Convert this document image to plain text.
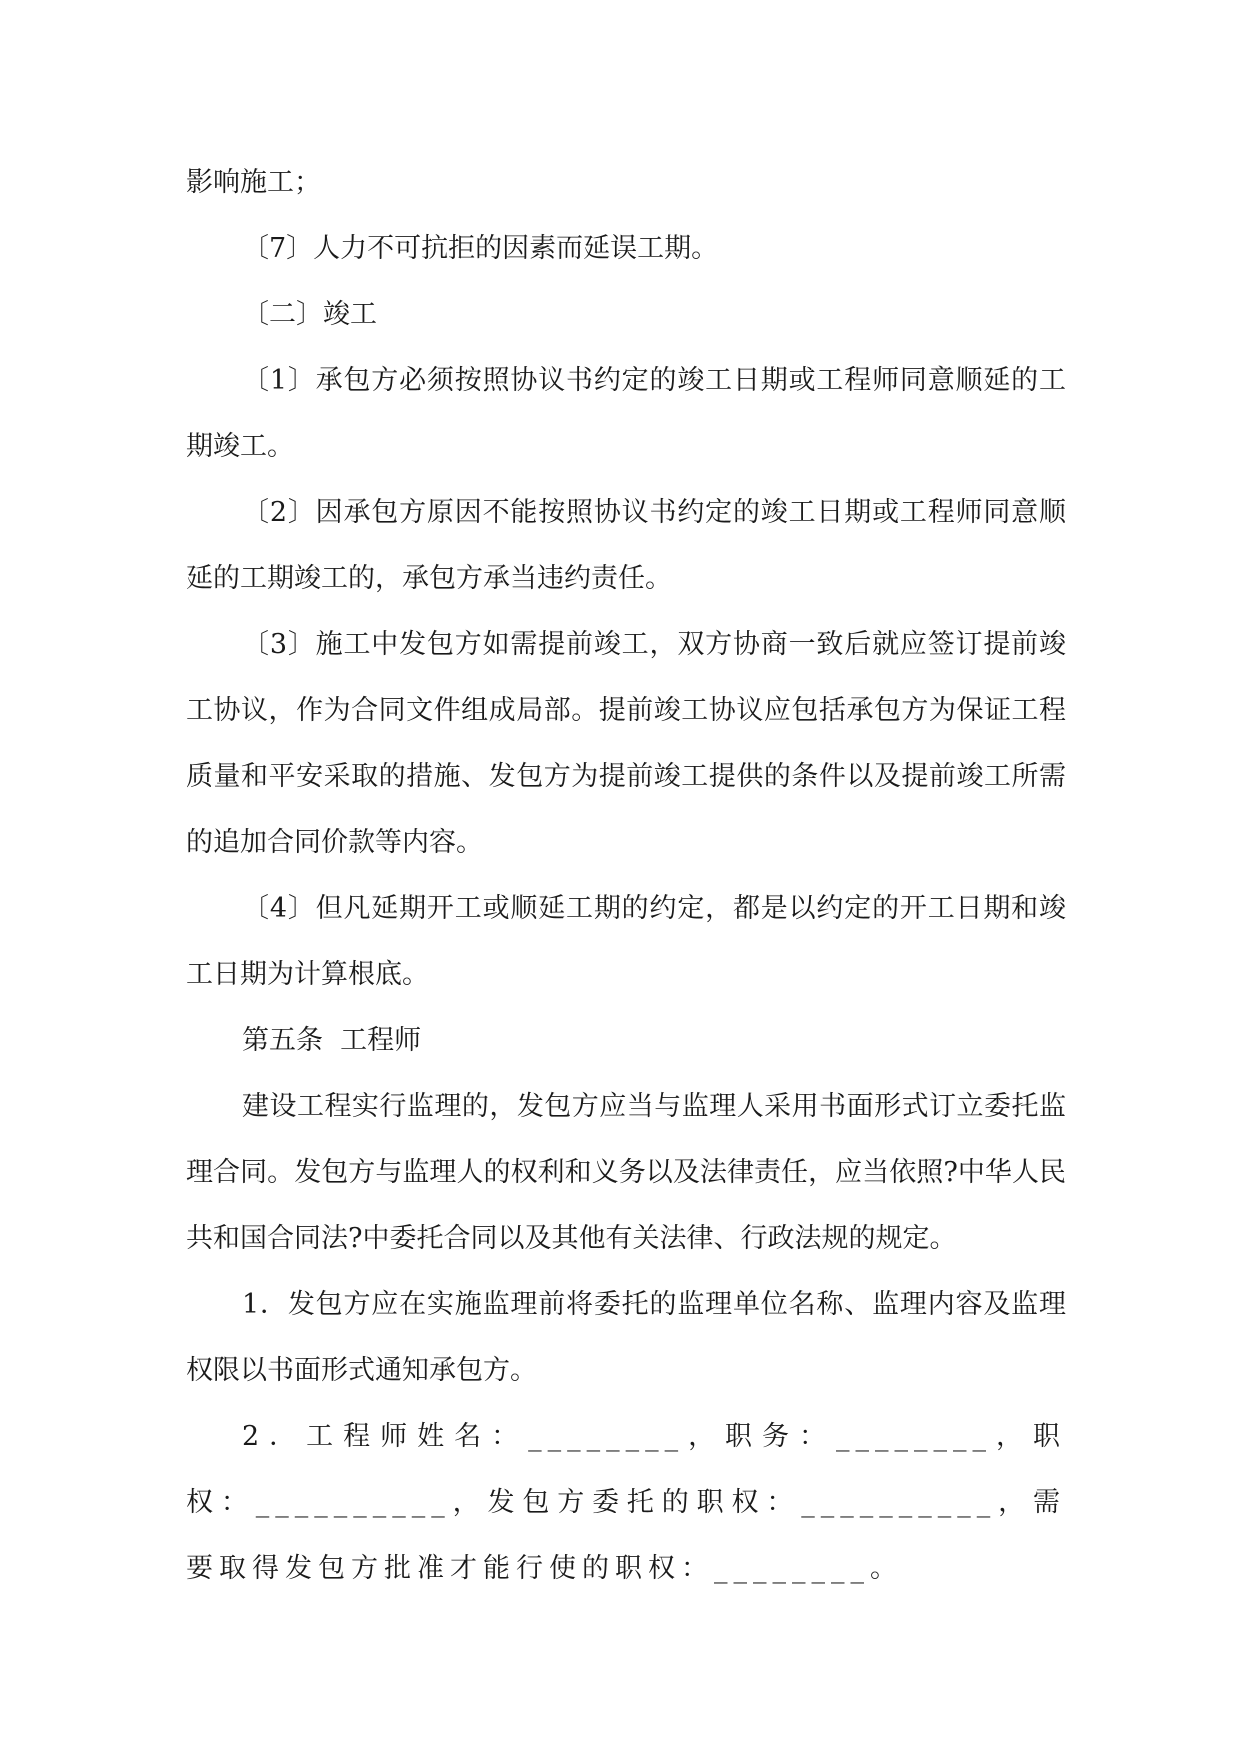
影响施工；

〔7〕人力不可抗拒的因素而延误工期。

〔二〕竣工

〔1〕承包方必须按照协议书约定的竣工日期或工程师同意顺延的工期竣工。

〔2〕因承包方原因不能按照协议书约定的竣工日期或工程师同意顺延的工期竣工的，承包方承当违约责任。

〔3〕施工中发包方如需提前竣工，双方协商一致后就应签订提前竣工协议，作为合同文件组成局部。提前竣工协议应包括承包方为保证工程质量和平安采取的措施、发包方为提前竣工提供的条件以及提前竣工所需的追加合同价款等内容。

〔4〕但凡延期开工或顺延工期的约定，都是以约定的开工日期和竣工日期为计算根底。

第五条  工程师

建设工程实行监理的，发包方应当与监理人采用书面形式订立委托监理合同。发包方与监理人的权利和义务以及法律责任，应当依照?中华人民共和国合同法?中委托合同以及其他有关法律、行政法规的规定。

1．发包方应在实施监理前将委托的监理单位名称、监理内容及监理权限以书面形式通知承包方。

2．工程师姓名：________，职务：________，职权：__________，发包方委托的职权：__________，需要取得发包方批准才能行使的职权：________。
